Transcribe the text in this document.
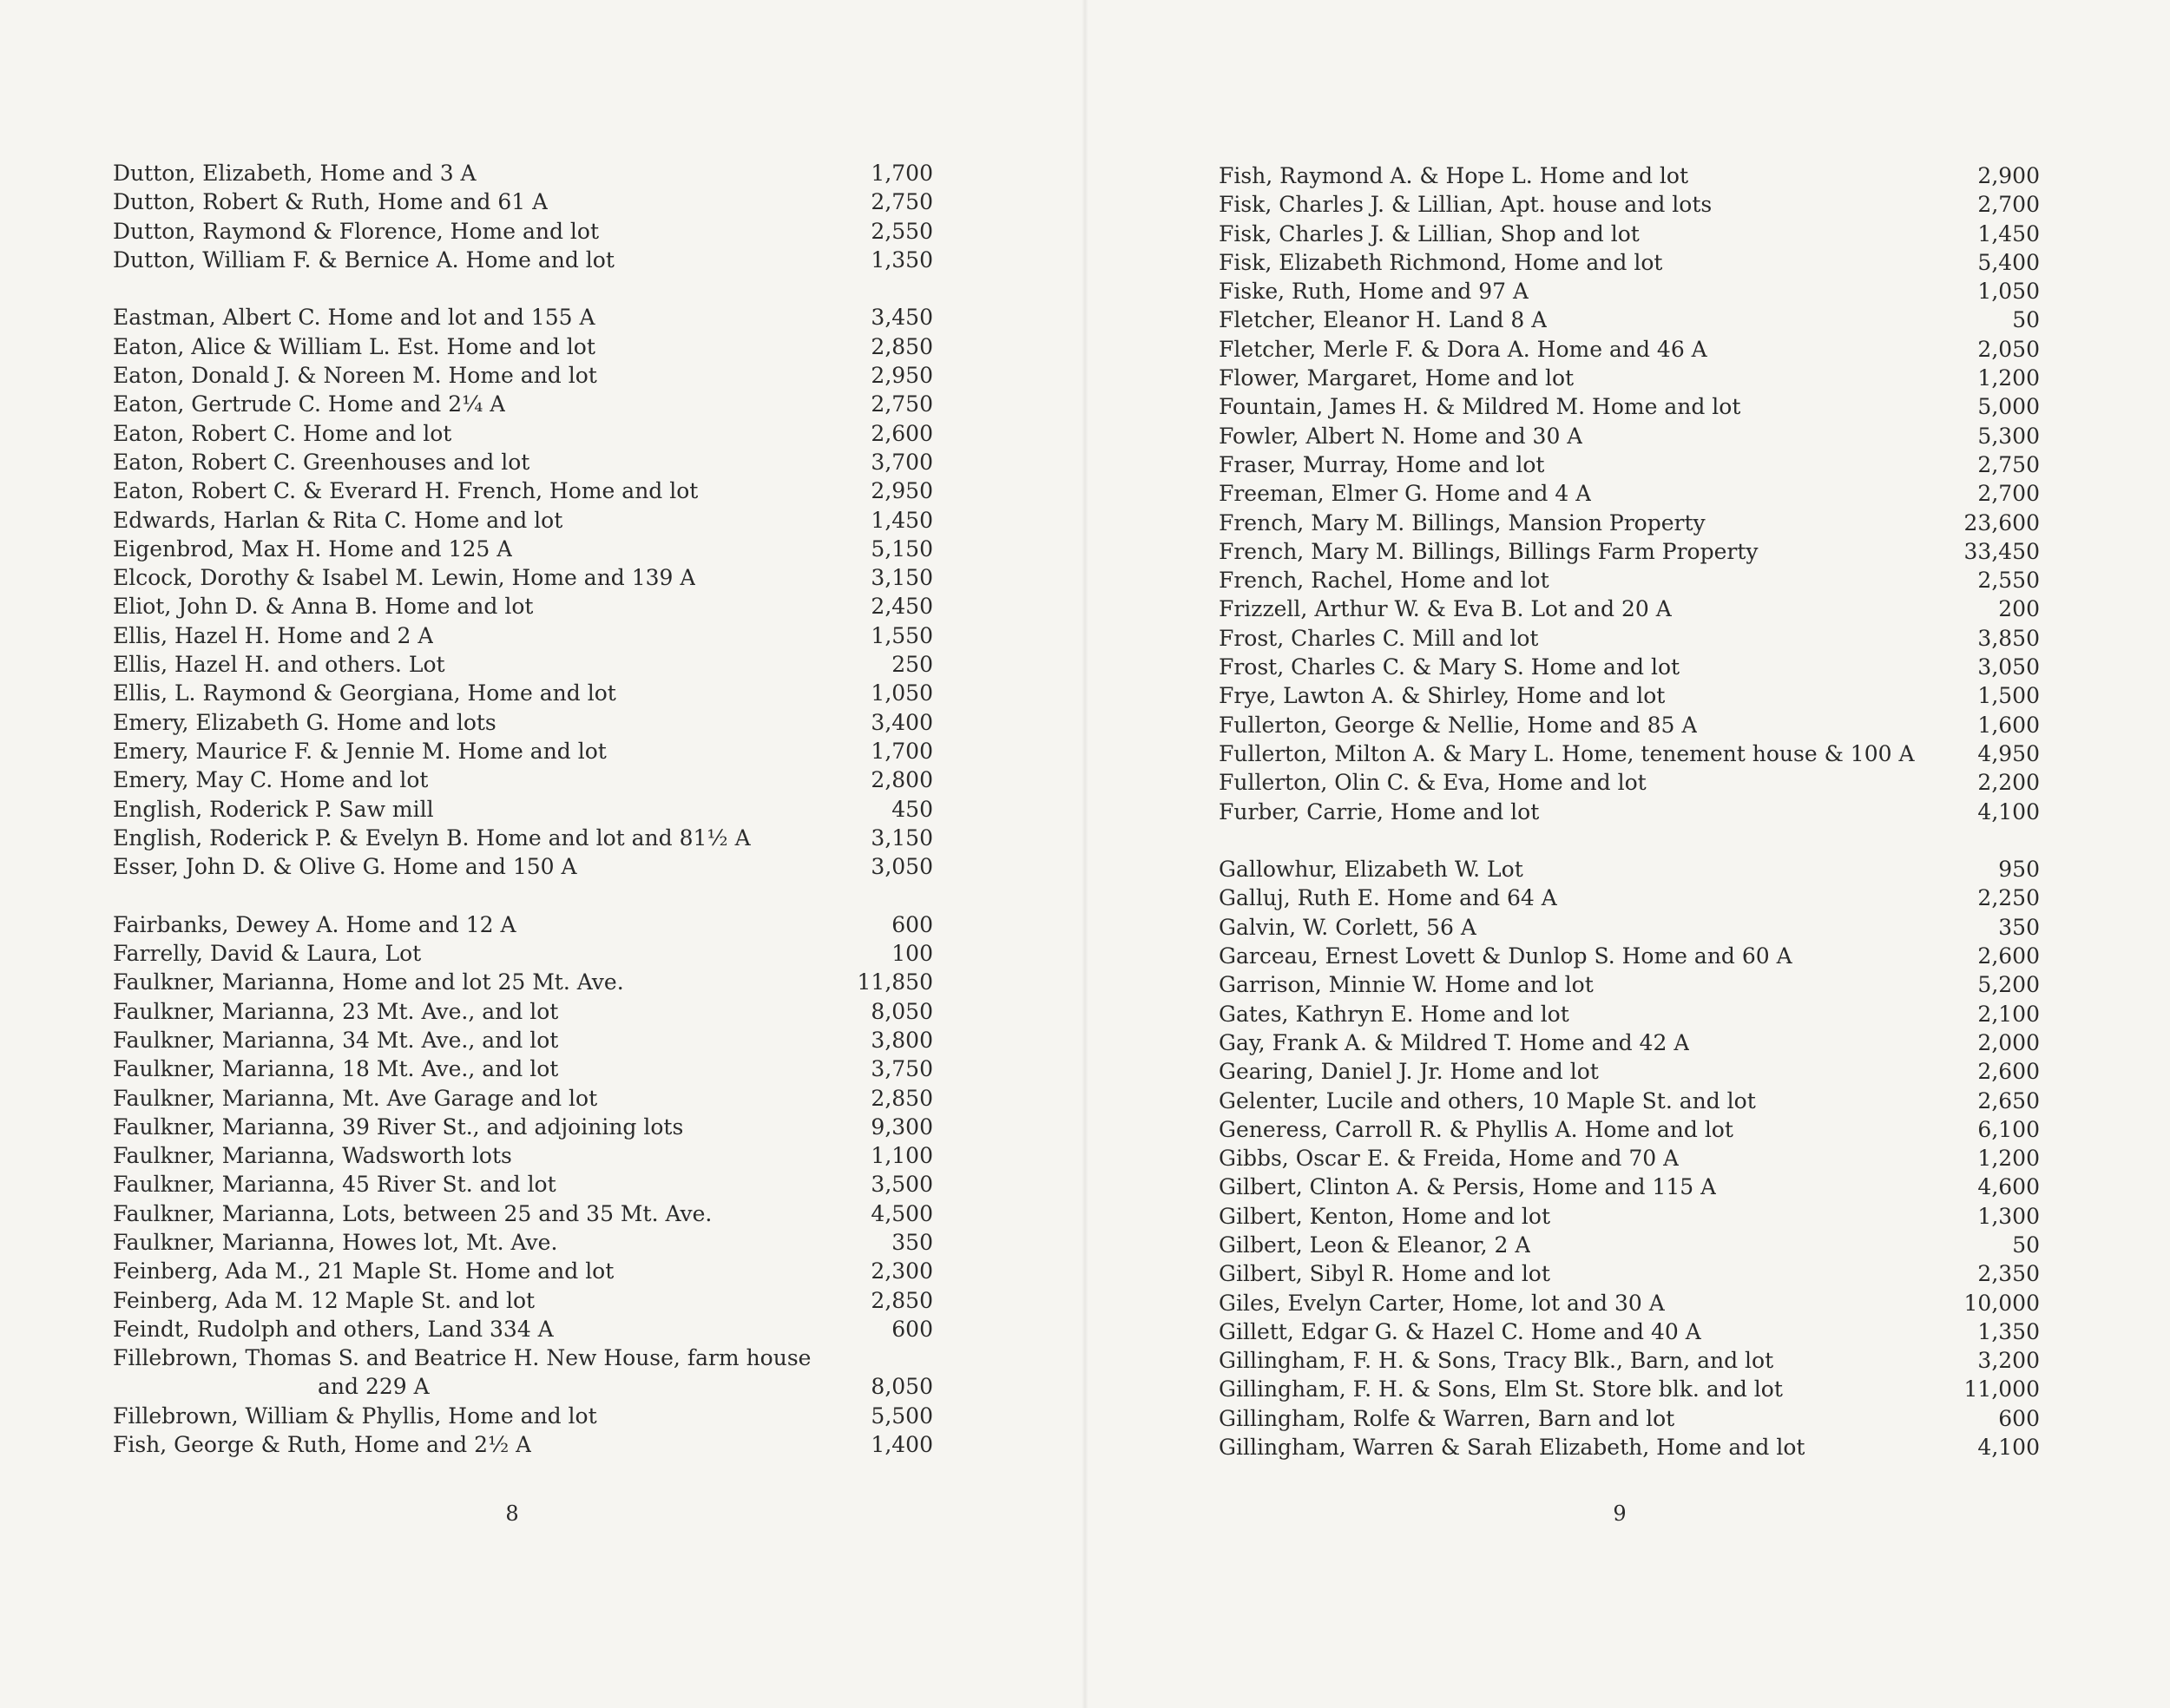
Dutton, Elizabeth, Home and 3 A	1,700
Dutton, Robert & Ruth, Home and 61 A	2,750
Dutton, Raymond & Florence, Home and lot	2,550
Dutton, William F. & Bernice A. Home and lot	1,350
Eastman, Albert C. Home and lot and 155 A	3,450
Eaton, Alice & William L. Est. Home and lot	2,850
Eaton, Donald J. & Noreen M. Home and lot	2,950
Eaton, Gertrude C. Home and 2¼ A	2,750
Eaton, Robert C. Home and lot	2,600
Eaton, Robert C. Greenhouses and lot	3,700
Eaton, Robert C. & Everard H. French, Home and lot	2,950
Edwards, Harlan & Rita C. Home and lot	1,450
Eigenbrod, Max H. Home and 125 A	5,150
Elcock, Dorothy & Isabel M. Lewin, Home and 139 A	3,150
Eliot, John D. & Anna B. Home and lot	2,450
Ellis, Hazel H. Home and 2 A	1,550
Ellis, Hazel H. and others. Lot	250
Ellis, L. Raymond & Georgiana, Home and lot	1,050
Emery, Elizabeth G. Home and lots	3,400
Emery, Maurice F. & Jennie M. Home and lot	1,700
Emery, May C. Home and lot	2,800
English, Roderick P. Saw mill	450
English, Roderick P. & Evelyn B. Home and lot and 81½ A	3,150
Esser, John D. & Olive G. Home and 150 A	3,050
Fairbanks, Dewey A. Home and 12 A	600
Farrelly, David & Laura, Lot	100
Faulkner, Marianna, Home and lot 25 Mt. Ave.	11,850
Faulkner, Marianna, 23 Mt. Ave., and lot	8,050
Faulkner, Marianna, 34 Mt. Ave., and lot	3,800
Faulkner, Marianna, 18 Mt. Ave., and lot	3,750
Faulkner, Marianna, Mt. Ave Garage and lot	2,850
Faulkner, Marianna, 39 River St., and adjoining lots	9,300
Faulkner, Marianna, Wadsworth lots	1,100
Faulkner, Marianna, 45 River St. and lot	3,500
Faulkner, Marianna, Lots, between 25 and 35 Mt. Ave.	4,500
Faulkner, Marianna, Howes lot, Mt. Ave.	350
Feinberg, Ada M., 21 Maple St. Home and lot	2,300
Feinberg, Ada M. 12 Maple St. and lot	2,850
Feindt, Rudolph and others, Land 334 A	600
Fillebrown, Thomas S. and Beatrice H. New House, farm house
and 229 A	8,050
Fillebrown, William & Phyllis, Home and lot	5,500
Fish, George & Ruth, Home and 2½ A	1,400
8
Fish, Raymond A. & Hope L. Home and lot	2,900
Fisk, Charles J. & Lillian, Apt. house and lots	2,700
Fisk, Charles J. & Lillian, Shop and lot	1,450
Fisk, Elizabeth Richmond, Home and lot	5,400
Fiske, Ruth, Home and 97 A	1,050
Fletcher, Eleanor H. Land 8 A	50
Fletcher, Merle F. & Dora A. Home and 46 A	2,050
Flower, Margaret, Home and lot	1,200
Fountain, James H. & Mildred M. Home and lot	5,000
Fowler, Albert N. Home and 30 A	5,300
Fraser, Murray, Home and lot	2,750
Freeman, Elmer G. Home and 4 A	2,700
French, Mary M. Billings, Mansion Property	23,600
French, Mary M. Billings, Billings Farm Property	33,450
French, Rachel, Home and lot	2,550
Frizzell, Arthur W. & Eva B. Lot and 20 A	200
Frost, Charles C. Mill and lot	3,850
Frost, Charles C. & Mary S. Home and lot	3,050
Frye, Lawton A. & Shirley, Home and lot	1,500
Fullerton, George & Nellie, Home and 85 A	1,600
Fullerton, Milton A. & Mary L. Home, tenement house & 100 A	4,950
Fullerton, Olin C. & Eva, Home and lot	2,200
Furber, Carrie, Home and lot	4,100
Gallowhur, Elizabeth W. Lot	950
Galluj, Ruth E. Home and 64 A	2,250
Galvin, W. Corlett, 56 A	350
Garceau, Ernest Lovett & Dunlop S. Home and 60 A	2,600
Garrison, Minnie W. Home and lot	5,200
Gates, Kathryn E. Home and lot	2,100
Gay, Frank A. & Mildred T. Home and 42 A	2,000
Gearing, Daniel J. Jr. Home and lot	2,600
Gelenter, Lucile and others, 10 Maple St. and lot	2,650
Generess, Carroll R. & Phyllis A. Home and lot	6,100
Gibbs, Oscar E. & Freida, Home and 70 A	1,200
Gilbert, Clinton A. & Persis, Home and 115 A	4,600
Gilbert, Kenton, Home and lot	1,300
Gilbert, Leon & Eleanor, 2 A	50
Gilbert, Sibyl R. Home and lot	2,350
Giles, Evelyn Carter, Home, lot and 30 A	10,000
Gillett, Edgar G. & Hazel C. Home and 40 A	1,350
Gillingham, F. H. & Sons, Tracy Blk., Barn, and lot	3,200
Gillingham, F. H. & Sons, Elm St. Store blk. and lot	11,000
Gillingham, Rolfe & Warren, Barn and lot	600
Gillingham, Warren & Sarah Elizabeth, Home and lot	4,100
9
